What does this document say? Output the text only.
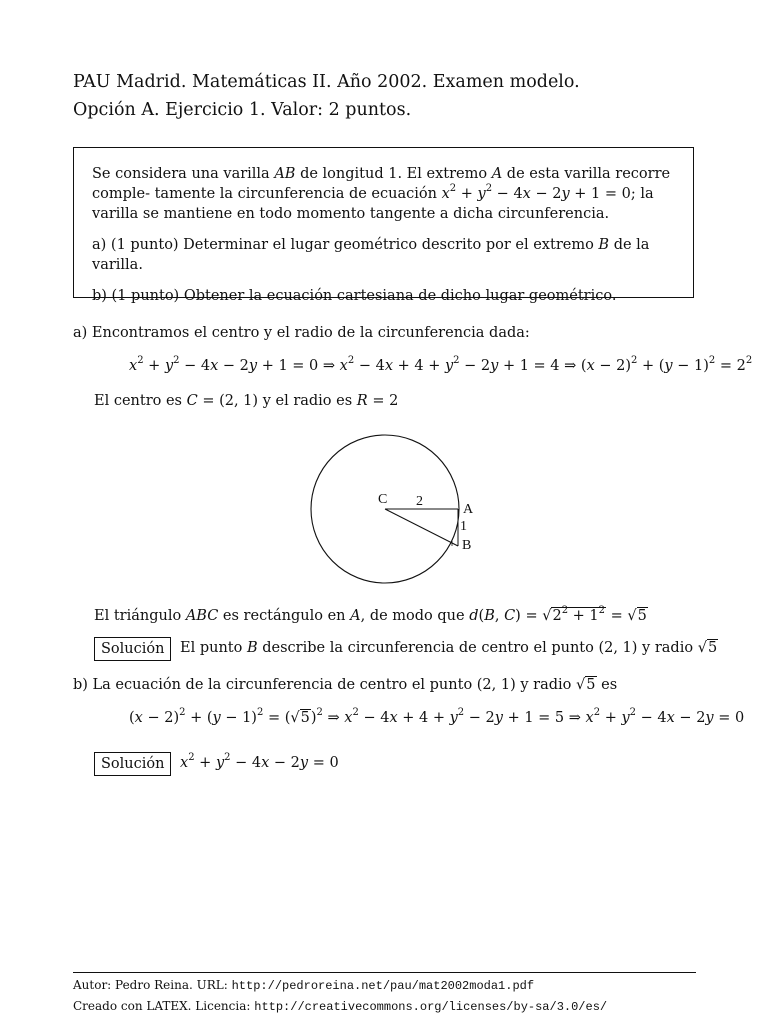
PAU Madrid. Matemáticas II. Año 2002. Examen modelo.
Opción A. Ejercicio 1. Valor: 2 puntos.

Se considera una varilla AB de longitud 1. El extremo A de esta varilla recorre comple- tamente la circunferencia de ecuación $x^2 + y^2 - 4x - 2y + 1 = 0$; la varilla se mantiene en todo momento tangente a dicha circunferencia.

a) (1 punto) Determinar el lugar geométrico descrito por el extremo B de la varilla.

b) (1 punto) Obtener la ecuación cartesiana de dicho lugar geométrico.

a) Encontramos el centro y el radio de la circunferencia dada:
$x^2 + y^2 - 4x - 2y + 1 = 0$ ⇒ $x^2 - 4x + 4 + y^2 - 2y + 1 = 4$ ⇒ $(x - 2)^2 + (y - 1)^2 = 2^2$
El centro es C = (2, 1) y el radio es R = 2
C 2
A
1
B
El triángulo ABC es rectángulo en A, de modo que d(B, $C) = √2^2 + 1^2 = √5$
Solución	El punto B describe la circunferencia de centro el punto (2, 1) y radio √5
b) La ecuación de la circunferencia de centro el punto (2, 1) y radio √5 es
$(x - 2)^2 + (y - 1)^2 = (√5)^2$ ⇒ $x^2 - 4x + 4 + y^2 - 2y + 1 = 5$ ⇒ $x^2 + y^2 - 4x - 2y = 0$
Solución	$x^2 + y^2 - 4x - 2y = 0$
Autor: Pedro Reina. URL: http://pedroreina.net/pau/mat2002moda1.pdf
Creado con LATEX. Licencia: http://creativecommons.org/licenses/by-sa/3.0/es/
